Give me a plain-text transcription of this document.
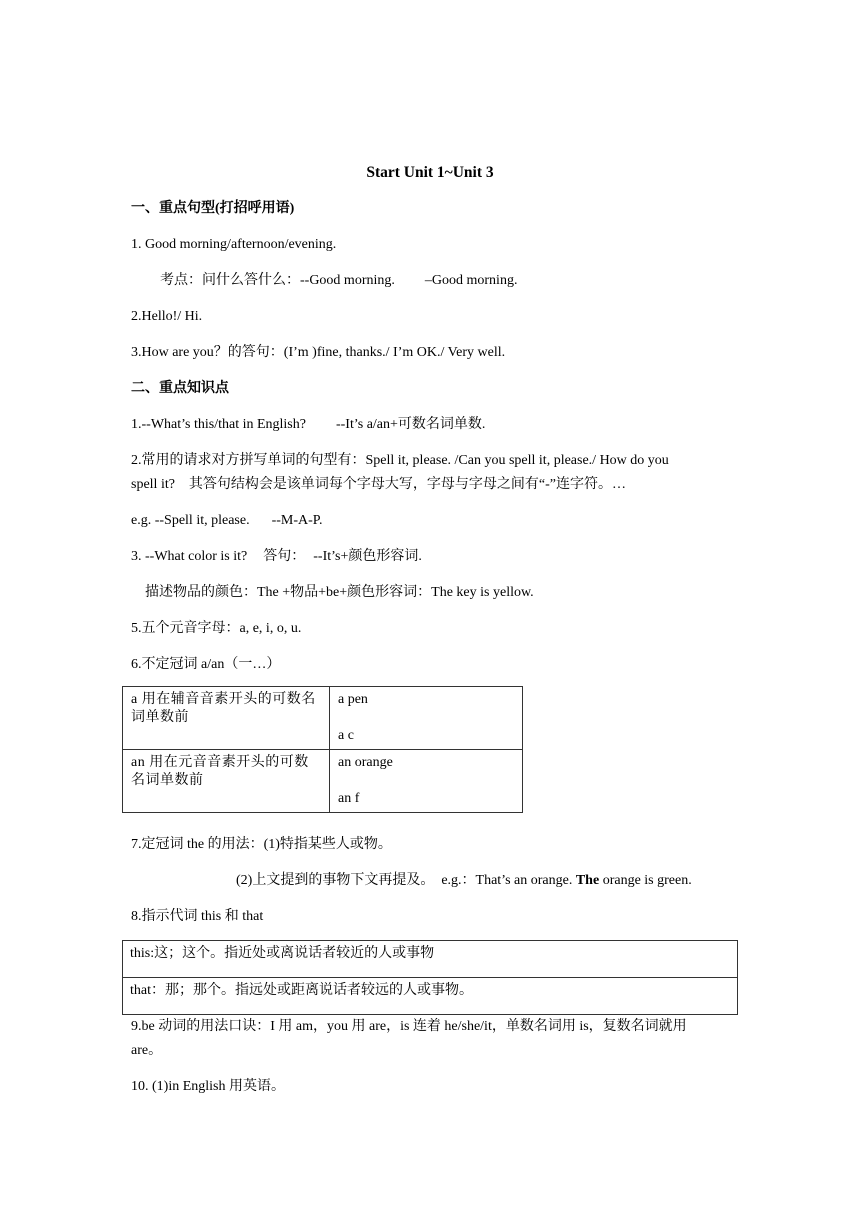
Start Unit 1~Unit 3
一、重点句型(打招呼用语)
1. Good morning/afternoon/evening.
考点：问什么答什么：--Good morning. –Good morning.
2.Hello!/ Hi.
3.How are you？的答句：(I’m )fine, thanks./ I’m OK./ Very well.
二、重点知识点
1.--What’s this/that in English? --It’s a/an+可数名词单数.
2.常用的请求对方拼写单词的句型有：Spell it, please. /Can you spell it, please./ How do you
spell it?　其答句结构会是该单词每个字母大写，字母与字母之间有“-”连字符。…
e.g. --Spell it, please. --M-A-P.
3. --What color is it? 答句： --It’s+颜色形容词.
描述物品的颜色：The +物品+be+颜色形容词：The key is yellow.
5.五个元音字母：a, e, i, o, u.
6.不定冠词 a/an（一…）
a 用在辅音音素开头的可数名词单数前	a pen
a c

an 用在元音音素开头的可数名词单数前	an orange
an f
7.定冠词 the 的用法：(1)特指某些人或物。
(2)上文提到的事物下文再提及。　e.g.：That’s an orange. The orange is green.
8.指示代词 this 和 that
this:这；这个。指近处或离说话者较近的人或事物
that：那；那个。指远处或距离说话者较远的人或事物。
9.be 动词的用法口诀：I 用 am，you 用 are，is 连着 he/she/it，单数名词用 is，复数名词就用
are。
10. (1)in English 用英语。
